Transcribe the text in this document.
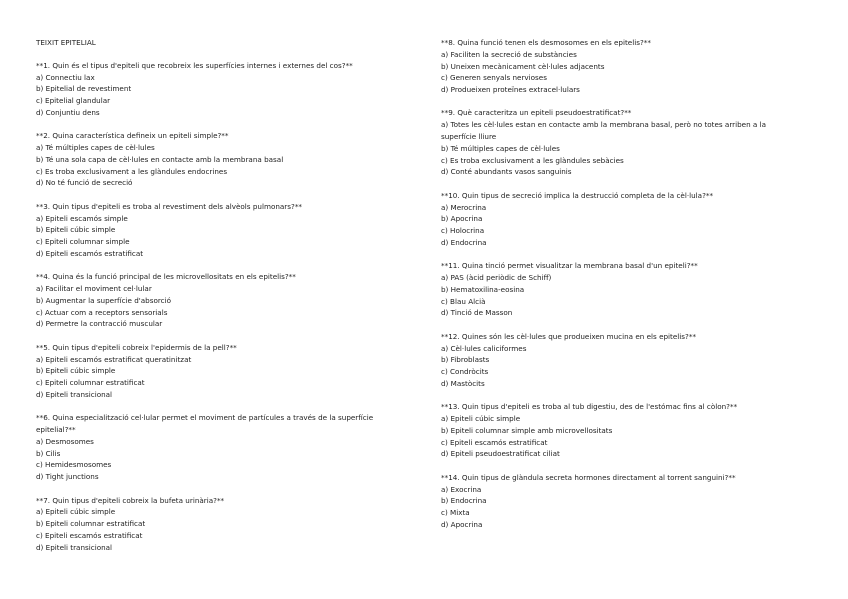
TEIXIT EPITELIAL

**1. Quin és el tipus d'epiteli que recobreix les superfícies internes i externes del cos?**

a) Connectiu lax
b) Epitelial de revestiment
c) Epitelial glandular
d) Conjuntiu dens

**2. Quina característica defineix un epiteli simple?**

a) Té múltiples capes de cèl·lules
b) Té una sola capa de cèl·lules en contacte amb la membrana basal
c) Es troba exclusivament a les glàndules endocrines
d) No té funció de secreció

**3. Quin tipus d'epiteli es troba al revestiment dels alvèols pulmonars?**

a) Epiteli escamós simple
b) Epiteli cúbic simple
c) Epiteli columnar simple
d) Epiteli escamós estratificat

**4. Quina és la funció principal de les microvellositats en els epitelis?**

a) Facilitar el moviment cel·lular
b) Augmentar la superfície d'absorció
c) Actuar com a receptors sensorials
d) Permetre la contracció muscular

**5. Quin tipus d'epiteli cobreix l'epidermis de la pell?**

a) Epiteli escamós estratificat queratinitzat
b) Epiteli cúbic simple
c) Epiteli columnar estratificat
d) Epiteli transicional

**6. Quina especialització cel·lular permet el moviment de partícules a través de la superfície epitelial?**

a) Desmosomes
b) Cilis
c) Hemidesmosomes
d) Tight junctions

**7. Quin tipus d'epiteli cobreix la bufeta urinària?**

a) Epiteli cúbic simple
b) Epiteli columnar estratificat
c) Epiteli escamós estratificat
d) Epiteli transicional

**8. Quina funció tenen els desmosomes en els epitelis?**

a) Faciliten la secreció de substàncies
b) Uneixen mecànicament cèl·lules adjacents
c) Generen senyals nervioses
d) Produeixen proteïnes extracel·lulars

**9. Què caracteritza un epiteli pseudoestratificat?**

a) Totes les cèl·lules estan en contacte amb la membrana basal, però no totes arriben a la superfície lliure
b) Té múltiples capes de cèl·lules
c) Es troba exclusivament a les glàndules sebàcies
d) Conté abundants vasos sanguinis

**10. Quin tipus de secreció implica la destrucció completa de la cèl·lula?**

a) Merocrina
b) Apocrina
c) Holocrina
d) Endocrina

**11. Quina tinció permet visualitzar la membrana basal d'un epiteli?**

a) PAS (àcid periòdic de Schiff)
b) Hematoxilina-eosina
c) Blau Alcià
d) Tinció de Masson

**12. Quines són les cèl·lules que produeixen mucina en els epitelis?**

a) Cèl·lules caliciformes
b) Fibroblasts
c) Condròcits
d) Mastòcits

**13. Quin tipus d'epiteli es troba al tub digestiu, des de l'estómac fins al còlon?**

a) Epiteli cúbic simple
b) Epiteli columnar simple amb microvellositats
c) Epiteli escamós estratificat
d) Epiteli pseudoestratificat ciliat

**14. Quin tipus de glàndula secreta hormones directament al torrent sanguini?**

a) Exocrina
b) Endocrina
c) Mixta
d) Apocrina
